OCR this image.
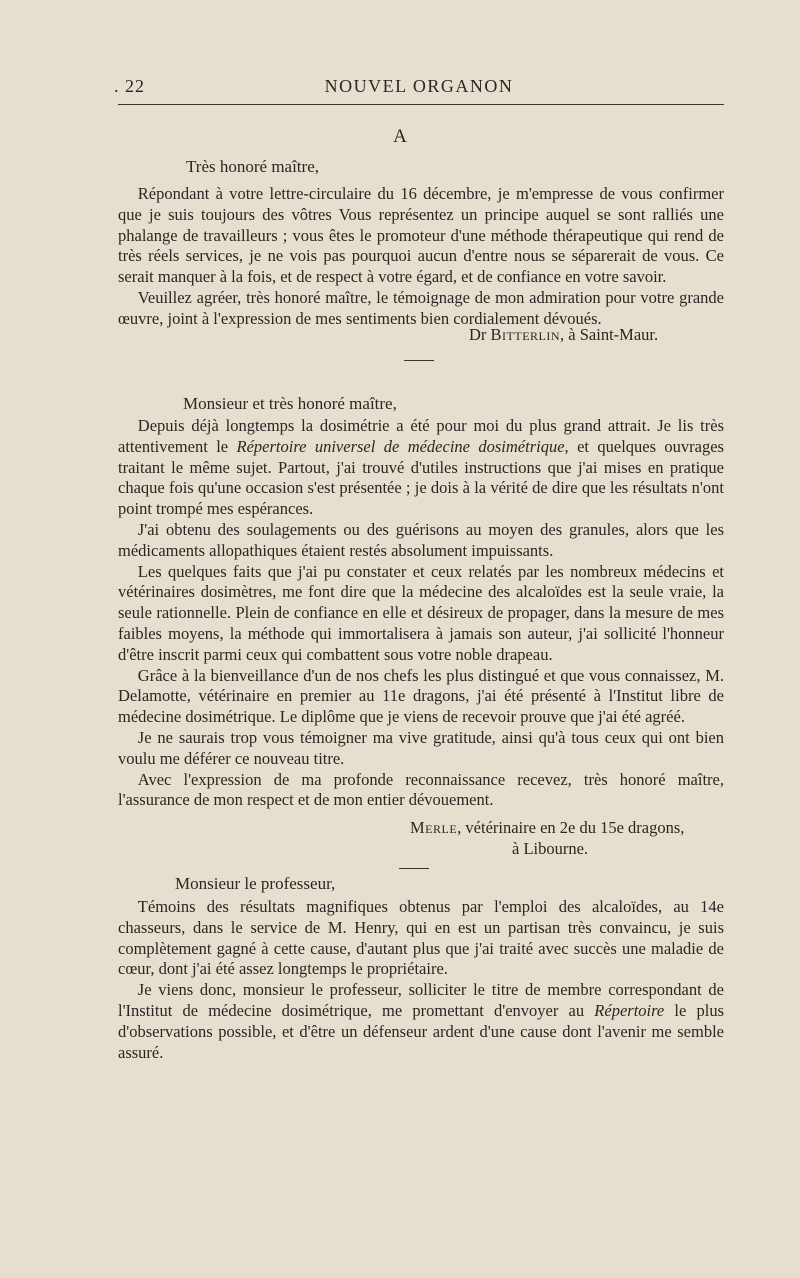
. 22	NOUVEL ORGANON
A
Très honoré maître,

Répondant à votre lettre-circulaire du 16 décembre, je m'empresse de vous confirmer que je suis toujours des vôtres Vous représentez un principe auquel se sont ralliés une phalange de travailleurs ; vous êtes le promoteur d'une méthode thérapeutique qui rend de très réels services, je ne vois pas pourquoi aucun d'entre nous se séparerait de vous. Ce serait manquer à la fois, et de respect à votre égard, et de confiance en votre savoir.

Veuillez agréer, très honoré maître, le témoignage de mon admiration pour votre grande œuvre, joint à l'expression de mes sentiments bien cordialement dévoués.

Dr Bitterlin, à Saint-Maur.
Monsieur et très honoré maître,

Depuis déjà longtemps la dosimétrie a été pour moi du plus grand attrait. Je lis très attentivement le Répertoire universel de médecine dosimétrique, et quelques ouvrages traitant le même sujet. Partout, j'ai trouvé d'utiles instructions que j'ai mises en pratique chaque fois qu'une occasion s'est présentée ; je dois à la vérité de dire que les résultats n'ont point trompé mes espérances.

J'ai obtenu des soulagements ou des guérisons au moyen des granules, alors que les médicaments allopathiques étaient restés absolument impuissants.

Les quelques faits que j'ai pu constater et ceux relatés par les nombreux médecins et vétérinaires dosimètres, me font dire que la médecine des alcaloïdes est la seule vraie, la seule rationnelle. Plein de confiance en elle et désireux de propager, dans la mesure de mes faibles moyens, la méthode qui immortalisera à jamais son auteur, j'ai sollicité l'honneur d'être inscrit parmi ceux qui combattent sous votre noble drapeau.

Grâce à la bienveillance d'un de nos chefs les plus distingué et que vous connaissez, M. Delamotte, vétérinaire en premier au 11e dragons, j'ai été présenté à l'Institut libre de médecine dosimétrique. Le diplôme que je viens de recevoir prouve que j'ai été agréé.

Je ne saurais trop vous témoigner ma vive gratitude, ainsi qu'à tous ceux qui ont bien voulu me déférer ce nouveau titre.

Avec l'expression de ma profonde reconnaissance recevez, très honoré maître, l'assurance de mon respect et de mon entier dévouement.

Merle, vétérinaire en 2e du 15e dragons,
à Libourne.
Monsieur le professeur,

Témoins des résultats magnifiques obtenus par l'emploi des alcaloïdes, au 14e chasseurs, dans le service de M. Henry, qui en est un partisan très convaincu, je suis complètement gagné à cette cause, d'autant plus que j'ai traité avec succès une maladie de cœur, dont j'ai été assez longtemps le propriétaire.

Je viens donc, monsieur le professeur, solliciter le titre de membre correspondant de l'Institut de médecine dosimétrique, me promettant d'envoyer au Répertoire le plus d'observations possible, et d'être un défenseur ardent d'une cause dont l'avenir me semble assuré.
